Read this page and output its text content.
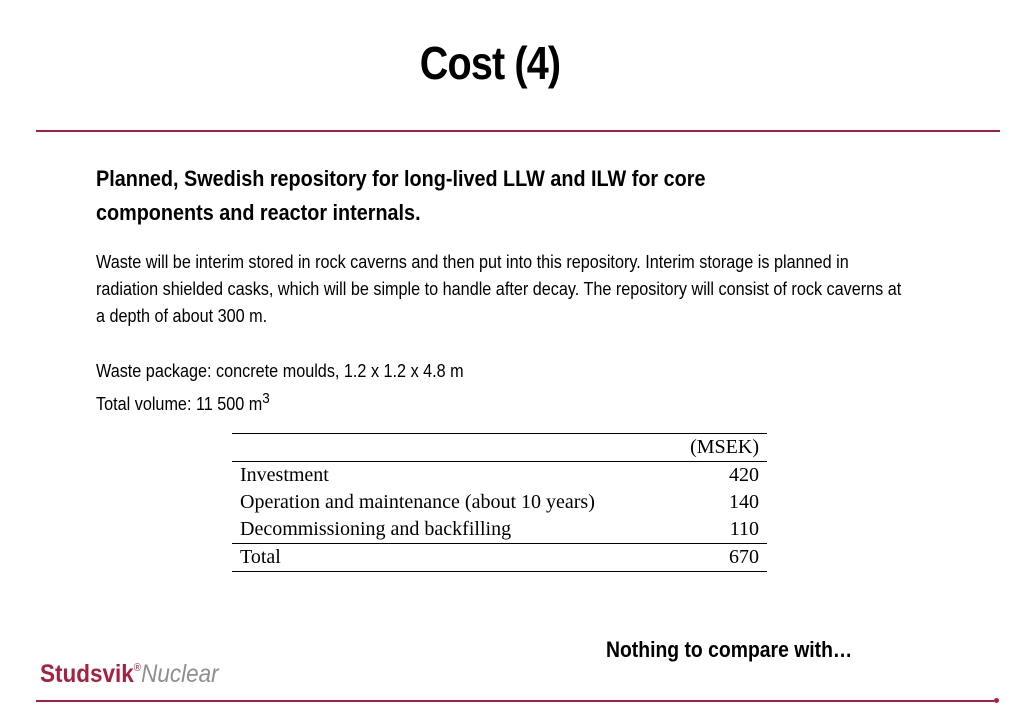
Cost (4)
Planned, Swedish repository for long-lived LLW and ILW for core components and reactor internals.
Waste will be interim stored in rock caverns and then put into this repository. Interim storage is planned in radiation shielded casks, which will be simple to handle after decay. The repository will consist of rock caverns at a depth of about 300 m.
Waste package: concrete moulds, 1.2 x 1.2 x 4.8 m
Total volume: 11 500 $m^3$
	(MSEK)
Investment	420
Operation and maintenance (about 10 years)	140
Decommissioning and backfilling	110
Total	670
Nothing to compare with…
Studsvik®Nuclear
